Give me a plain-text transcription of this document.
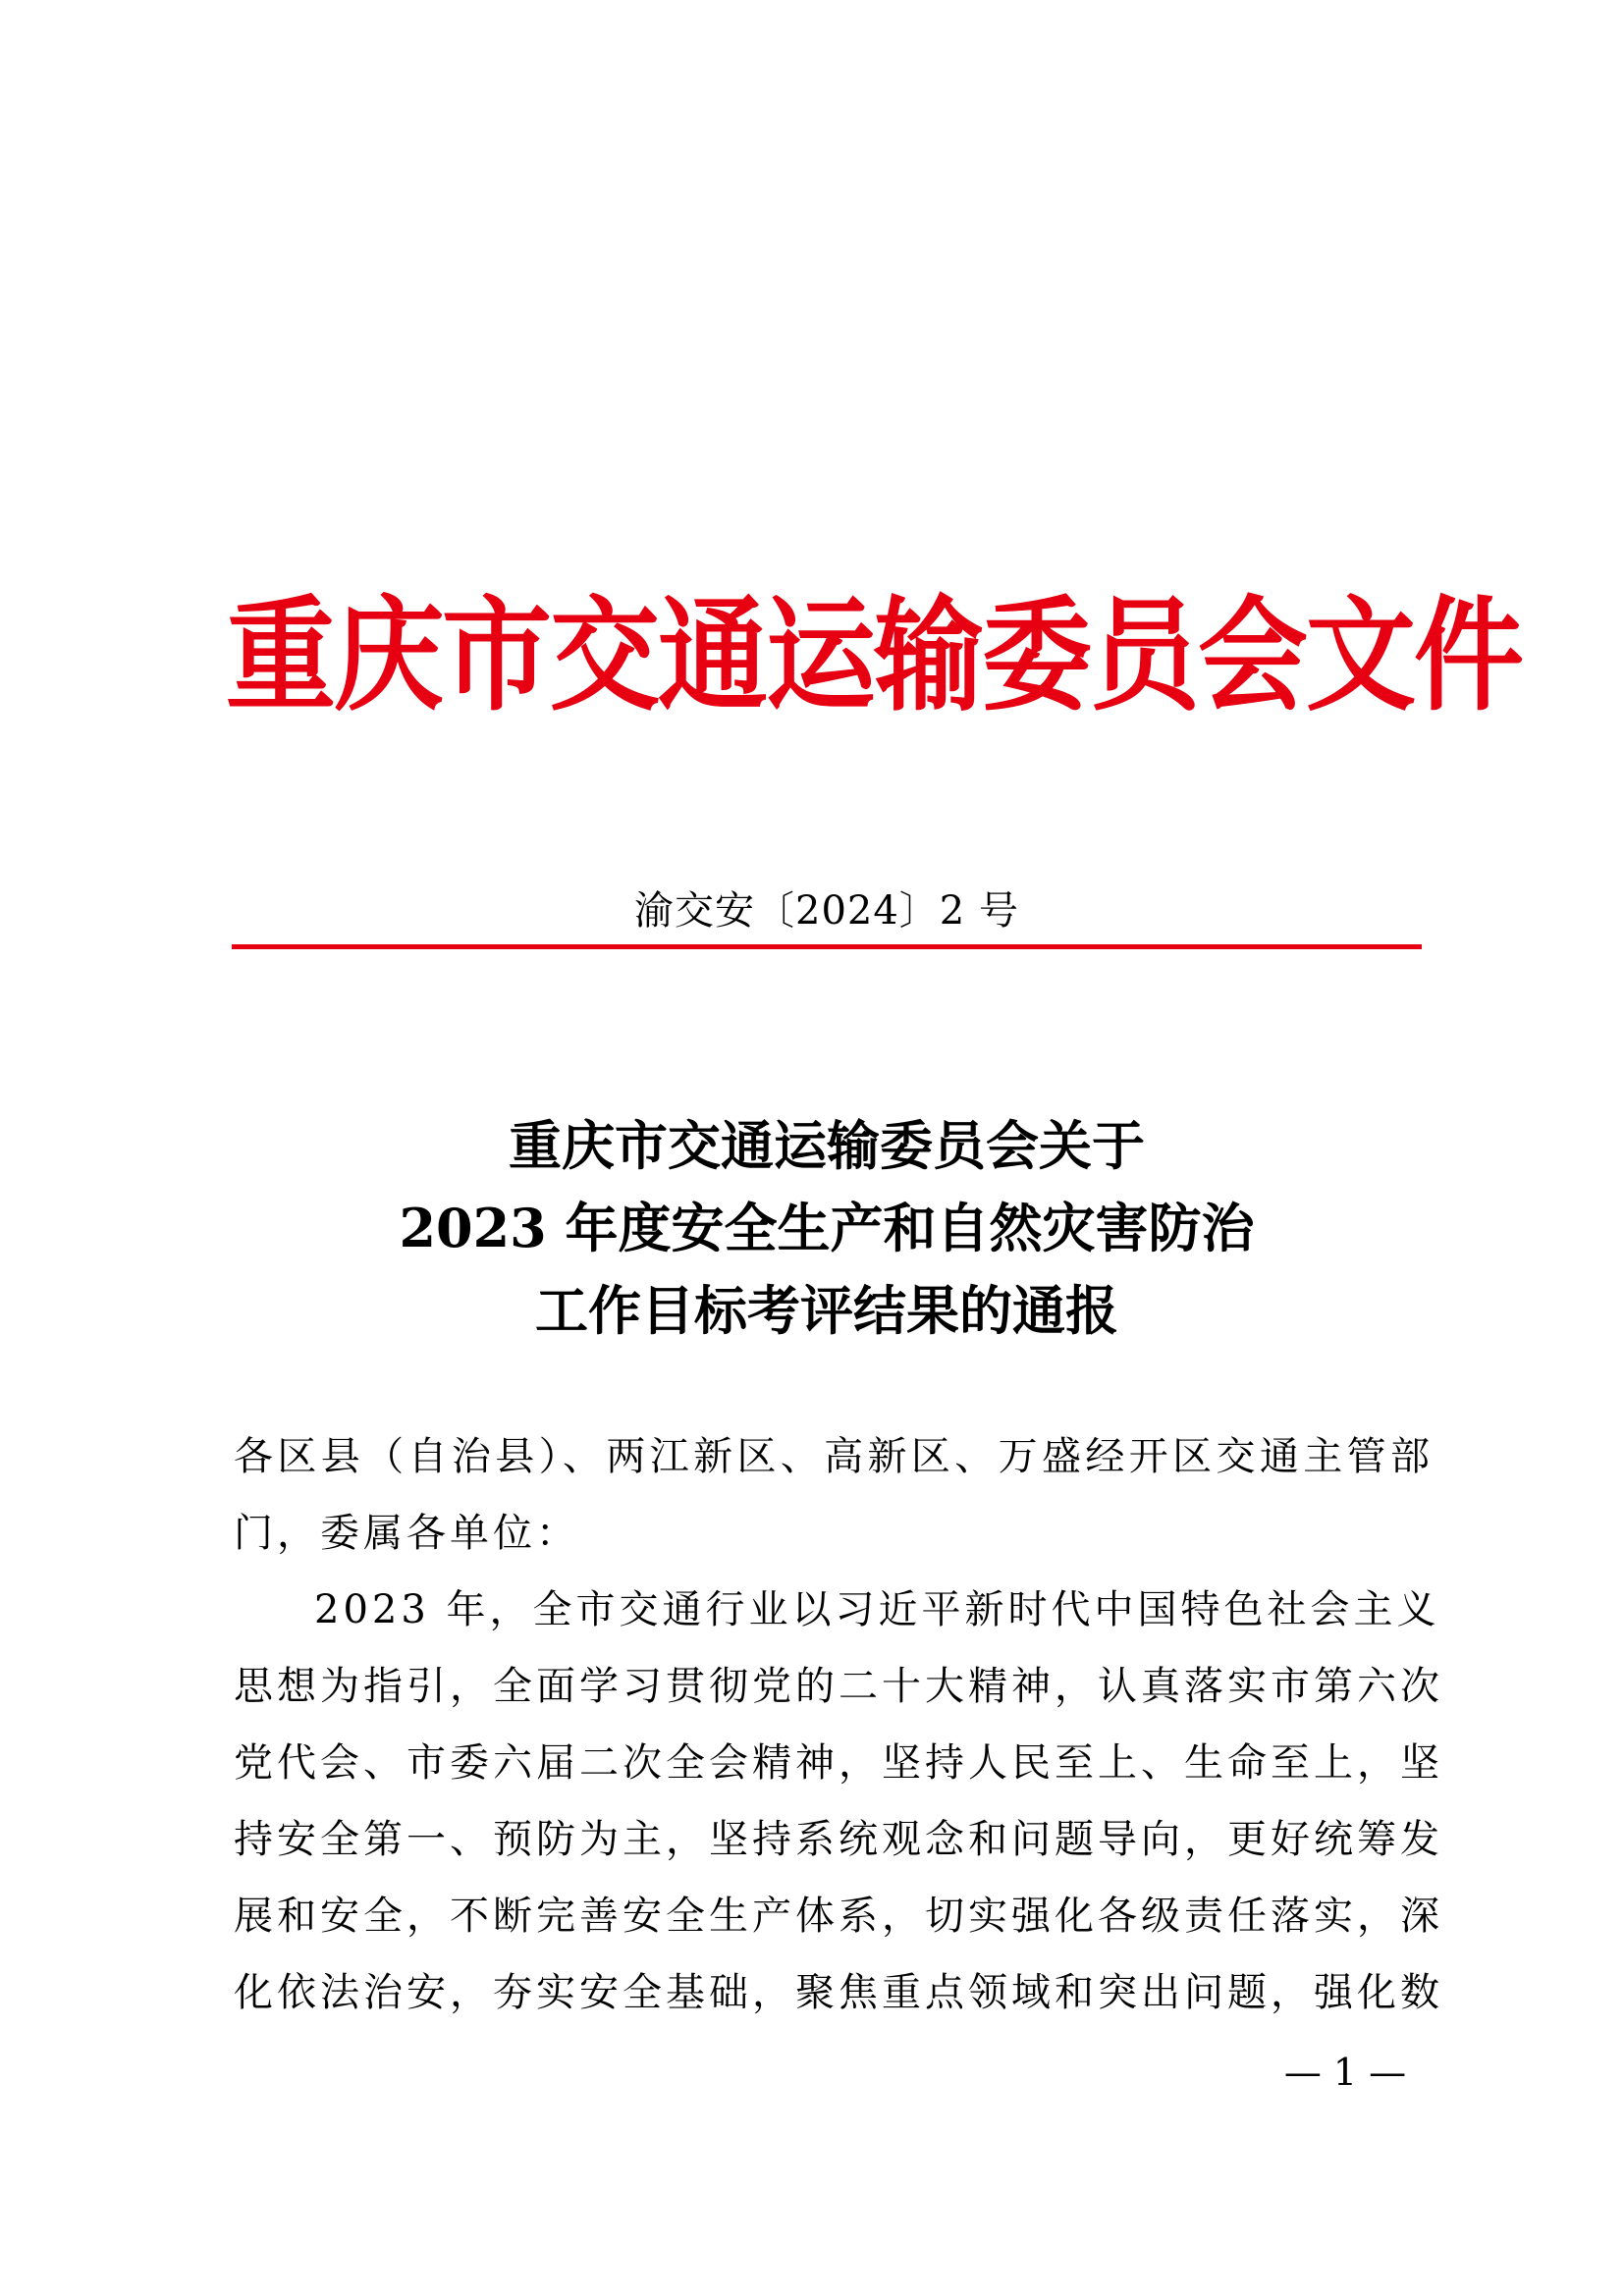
重庆市交通运输委员会文件
渝交安〔2024〕2 号
重庆市交通运输委员会关于
2023 年度安全生产和自然灾害防治
工作目标考评结果的通报
各区县（自治县）、两江新区、高新区、万盛经开区交通主管部
门，委属各单位：
2023 年，全市交通行业以习近平新时代中国特色社会主义
思想为指引，全面学习贯彻党的二十大精神，认真落实市第六次
党代会、市委六届二次全会精神，坚持人民至上、生命至上，坚
持安全第一、预防为主，坚持系统观念和问题导向，更好统筹发
展和安全，不断完善安全生产体系，切实强化各级责任落实，深
化依法治安，夯实安全基础，聚焦重点领域和突出问题，强化数
— 1 —
